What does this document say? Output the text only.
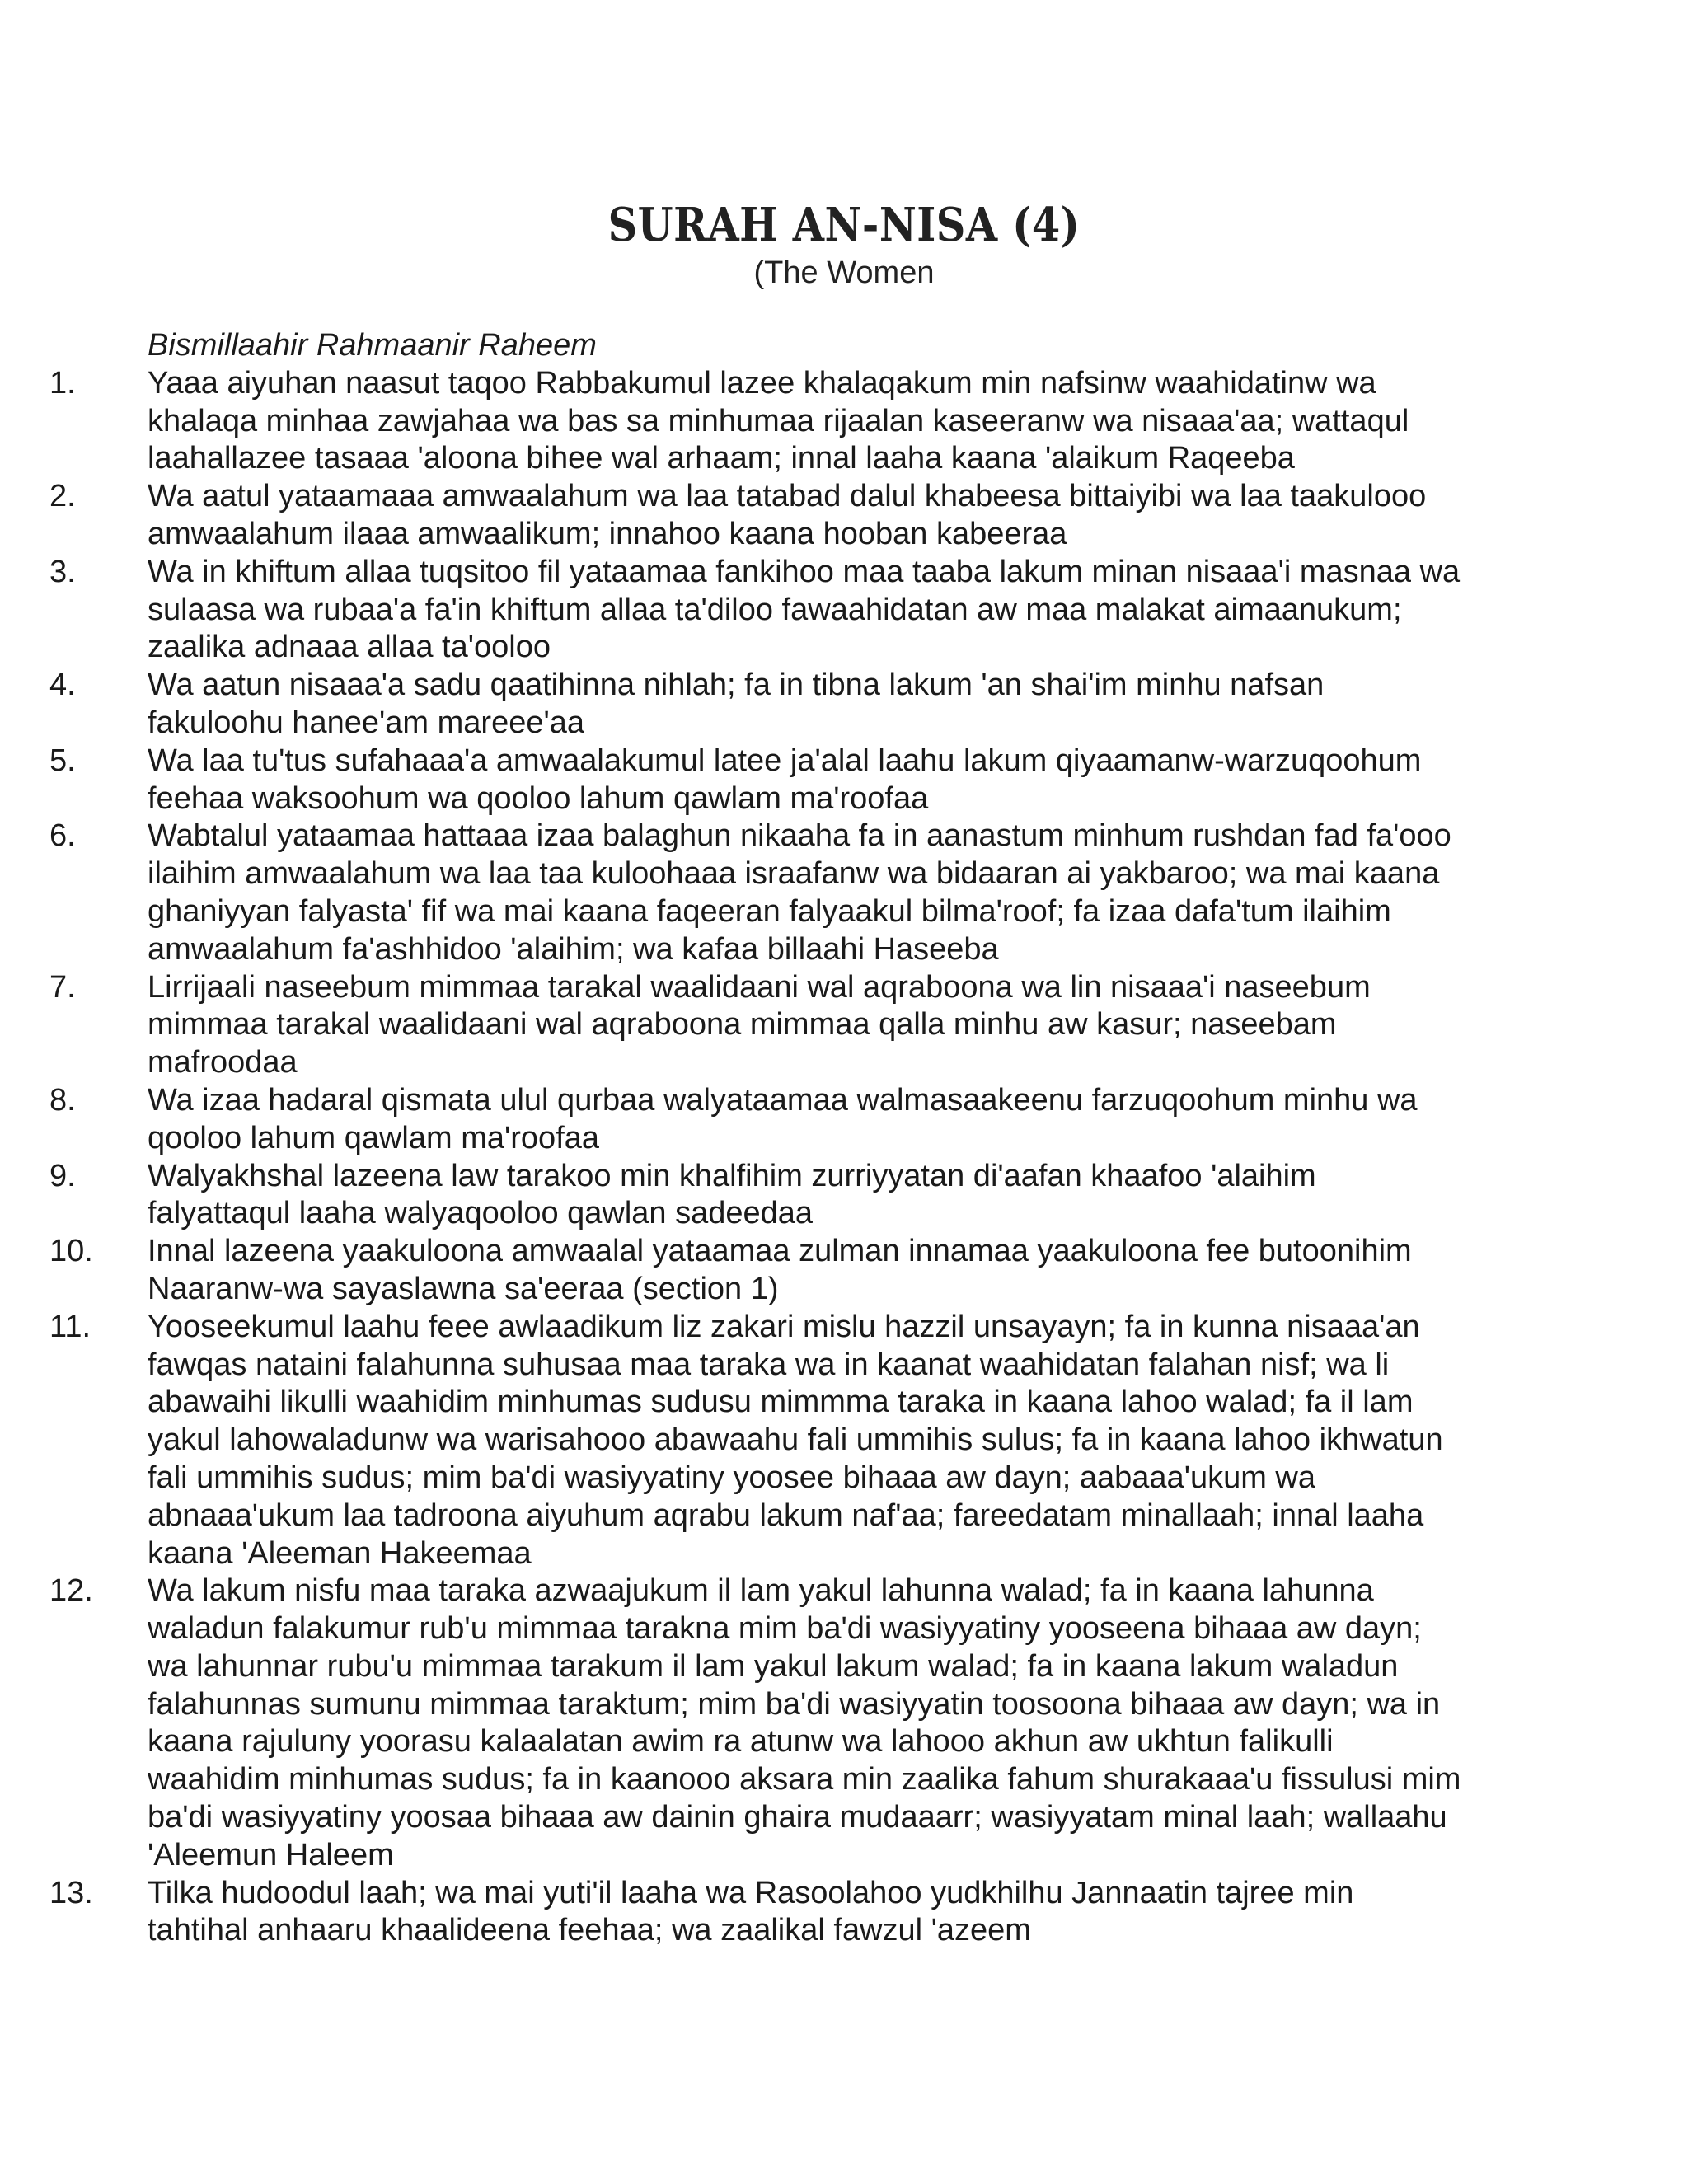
SURAH AN-NISA (4)
(The Women
Bismillaahir Rahmaanir Raheem
1.	Yaaa aiyuhan naasut taqoo Rabbakumul lazee khalaqakum min nafsinw waahidatinw wa
khalaqa minhaa zawjahaa wa bas sa minhumaa rijaalan kaseeranw wa nisaaa'aa; wattaqul
laahallazee tasaaa 'aloona bihee wal arhaam; innal laaha kaana 'alaikum Raqeeba
2.	Wa aatul yataamaaa amwaalahum wa laa tatabad dalul khabeesa bittaiyibi wa laa taakulooo
amwaalahum ilaaa amwaalikum; innahoo kaana hooban kabeeraa
3.	Wa in khiftum allaa tuqsitoo fil yataamaa fankihoo maa taaba lakum minan nisaaa'i masnaa wa
sulaasa wa rubaa'a fa'in khiftum allaa ta'diloo fawaahidatan aw maa malakat aimaanukum;
zaalika adnaaa allaa ta'ooloo
4.	Wa aatun nisaaa'a sadu qaatihinna nihlah; fa in tibna lakum 'an shai'im minhu nafsan
fakuloohu hanee'am mareee'aa
5.	Wa laa tu'tus sufahaaa'a amwaalakumul latee ja'alal laahu lakum qiyaamanw-warzuqoohum
feehaa waksoohum wa qooloo lahum qawlam ma'roofaa
6.	Wabtalul yataamaa hattaaa izaa balaghun nikaaha fa in aanastum minhum rushdan fad fa'ooo
ilaihim amwaalahum wa laa taa kuloohaaa israafanw wa bidaaran ai yakbaroo; wa mai kaana
ghaniyyan falyasta' fif wa mai kaana faqeeran falyaakul bilma'roof; fa izaa dafa'tum ilaihim
amwaalahum fa'ashhidoo 'alaihim; wa kafaa billaahi Haseeba
7.	Lirrijaali naseebum mimmaa tarakal waalidaani wal aqraboona wa lin nisaaa'i naseebum
mimmaa tarakal waalidaani wal aqraboona mimmaa qalla minhu aw kasur; naseebam
mafroodaa
8.	Wa izaa hadaral qismata ulul qurbaa walyataamaa walmasaakeenu farzuqoohum minhu wa
qooloo lahum qawlam ma'roofaa
9.	Walyakhshal lazeena law tarakoo min khalfihim zurriyyatan di'aafan khaafoo 'alaihim
falyattaqul laaha walyaqooloo qawlan sadeedaa
10.	Innal lazeena yaakuloona amwaalal yataamaa zulman innamaa yaakuloona fee butoonihim
Naaranw-wa sayaslawna sa'eeraa (section 1)
11.	Yooseekumul laahu feee awlaadikum liz zakari mislu hazzil unsayayn; fa in kunna nisaaa'an
fawqas nataini falahunna suhusaa maa taraka wa in kaanat waahidatan falahan nisf; wa li
abawaihi likulli waahidim minhumas sudusu mimmma taraka in kaana lahoo walad; fa il lam
yakul lahowaladunw wa warisahooo abawaahu fali ummihis sulus; fa in kaana lahoo ikhwatun
fali ummihis sudus; mim ba'di wasiyyatiny yoosee bihaaa aw dayn; aabaaa'ukum wa
abnaaa'ukum laa tadroona aiyuhum aqrabu lakum naf'aa; fareedatam minallaah; innal laaha
kaana 'Aleeman Hakeemaa
12.	Wa lakum nisfu maa taraka azwaajukum il lam yakul lahunna walad; fa in kaana lahunna
waladun falakumur rub'u mimmaa tarakna mim ba'di wasiyyatiny yooseena bihaaa aw dayn;
wa lahunnar rubu'u mimmaa tarakum il lam yakul lakum walad; fa in kaana lakum waladun
falahunnas sumunu mimmaa taraktum; mim ba'di wasiyyatin toosoona bihaaa aw dayn; wa in
kaana rajuluny yoorasu kalaalatan awim ra atunw wa lahooo akhun aw ukhtun falikulli
waahidim minhumas sudus; fa in kaanooo aksara min zaalika fahum shurakaaa'u fissulusi mim
ba'di wasiyyatiny yoosaa bihaaa aw dainin ghaira mudaaarr; wasiyyatam minal laah; wallaahu
'Aleemun Haleem
13.	Tilka hudoodul laah; wa mai yuti'il laaha wa Rasoolahoo yudkhilhu Jannaatin tajree min
tahtihal anhaaru khaalideena feehaa; wa zaalikal fawzul 'azeem
